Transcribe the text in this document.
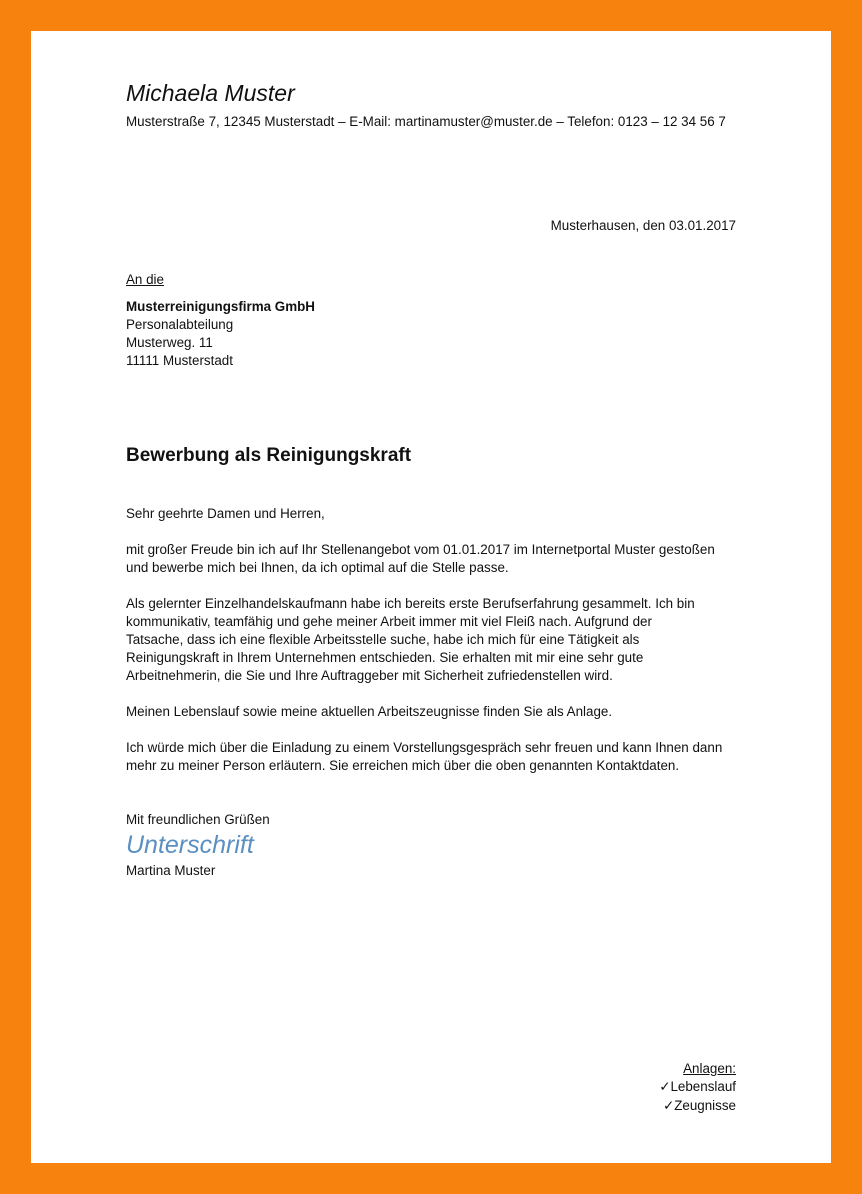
Michaela Muster
Musterstraße 7, 12345 Musterstadt – E-Mail: martinamuster@muster.de – Telefon: 0123 – 12 34 56 7
Musterhausen, den 03.01.2017
An die
Musterreinigungsfirma GmbH
Personalabteilung
Musterweg. 11
11111 Musterstadt
Bewerbung als Reinigungskraft
Sehr geehrte Damen und Herren,
mit großer Freude bin ich auf Ihr Stellenangebot vom 01.01.2017 im Internetportal Muster gestoßen
und bewerbe mich bei Ihnen, da ich optimal auf die Stelle passe.
Als gelernter Einzelhandelskaufmann habe ich bereits erste Berufserfahrung gesammelt. Ich bin
kommunikativ, teamfähig und gehe meiner Arbeit immer mit viel Fleiß nach. Aufgrund der
Tatsache, dass ich eine flexible Arbeitsstelle suche, habe ich mich für eine Tätigkeit als
Reinigungskraft in Ihrem Unternehmen entschieden. Sie erhalten mit mir eine sehr gute
Arbeitnehmerin, die Sie und Ihre Auftraggeber mit Sicherheit zufriedenstellen wird.
Meinen Lebenslauf sowie meine aktuellen Arbeitszeugnisse finden Sie als Anlage.
Ich würde mich über die Einladung zu einem Vorstellungsgespräch sehr freuen und kann Ihnen dann
mehr zu meiner Person erläutern. Sie erreichen mich über die oben genannten Kontaktdaten.
Mit freundlichen Grüßen
Unterschrift
Martina Muster
Anlagen:
✓Lebenslauf
✓Zeugnisse
